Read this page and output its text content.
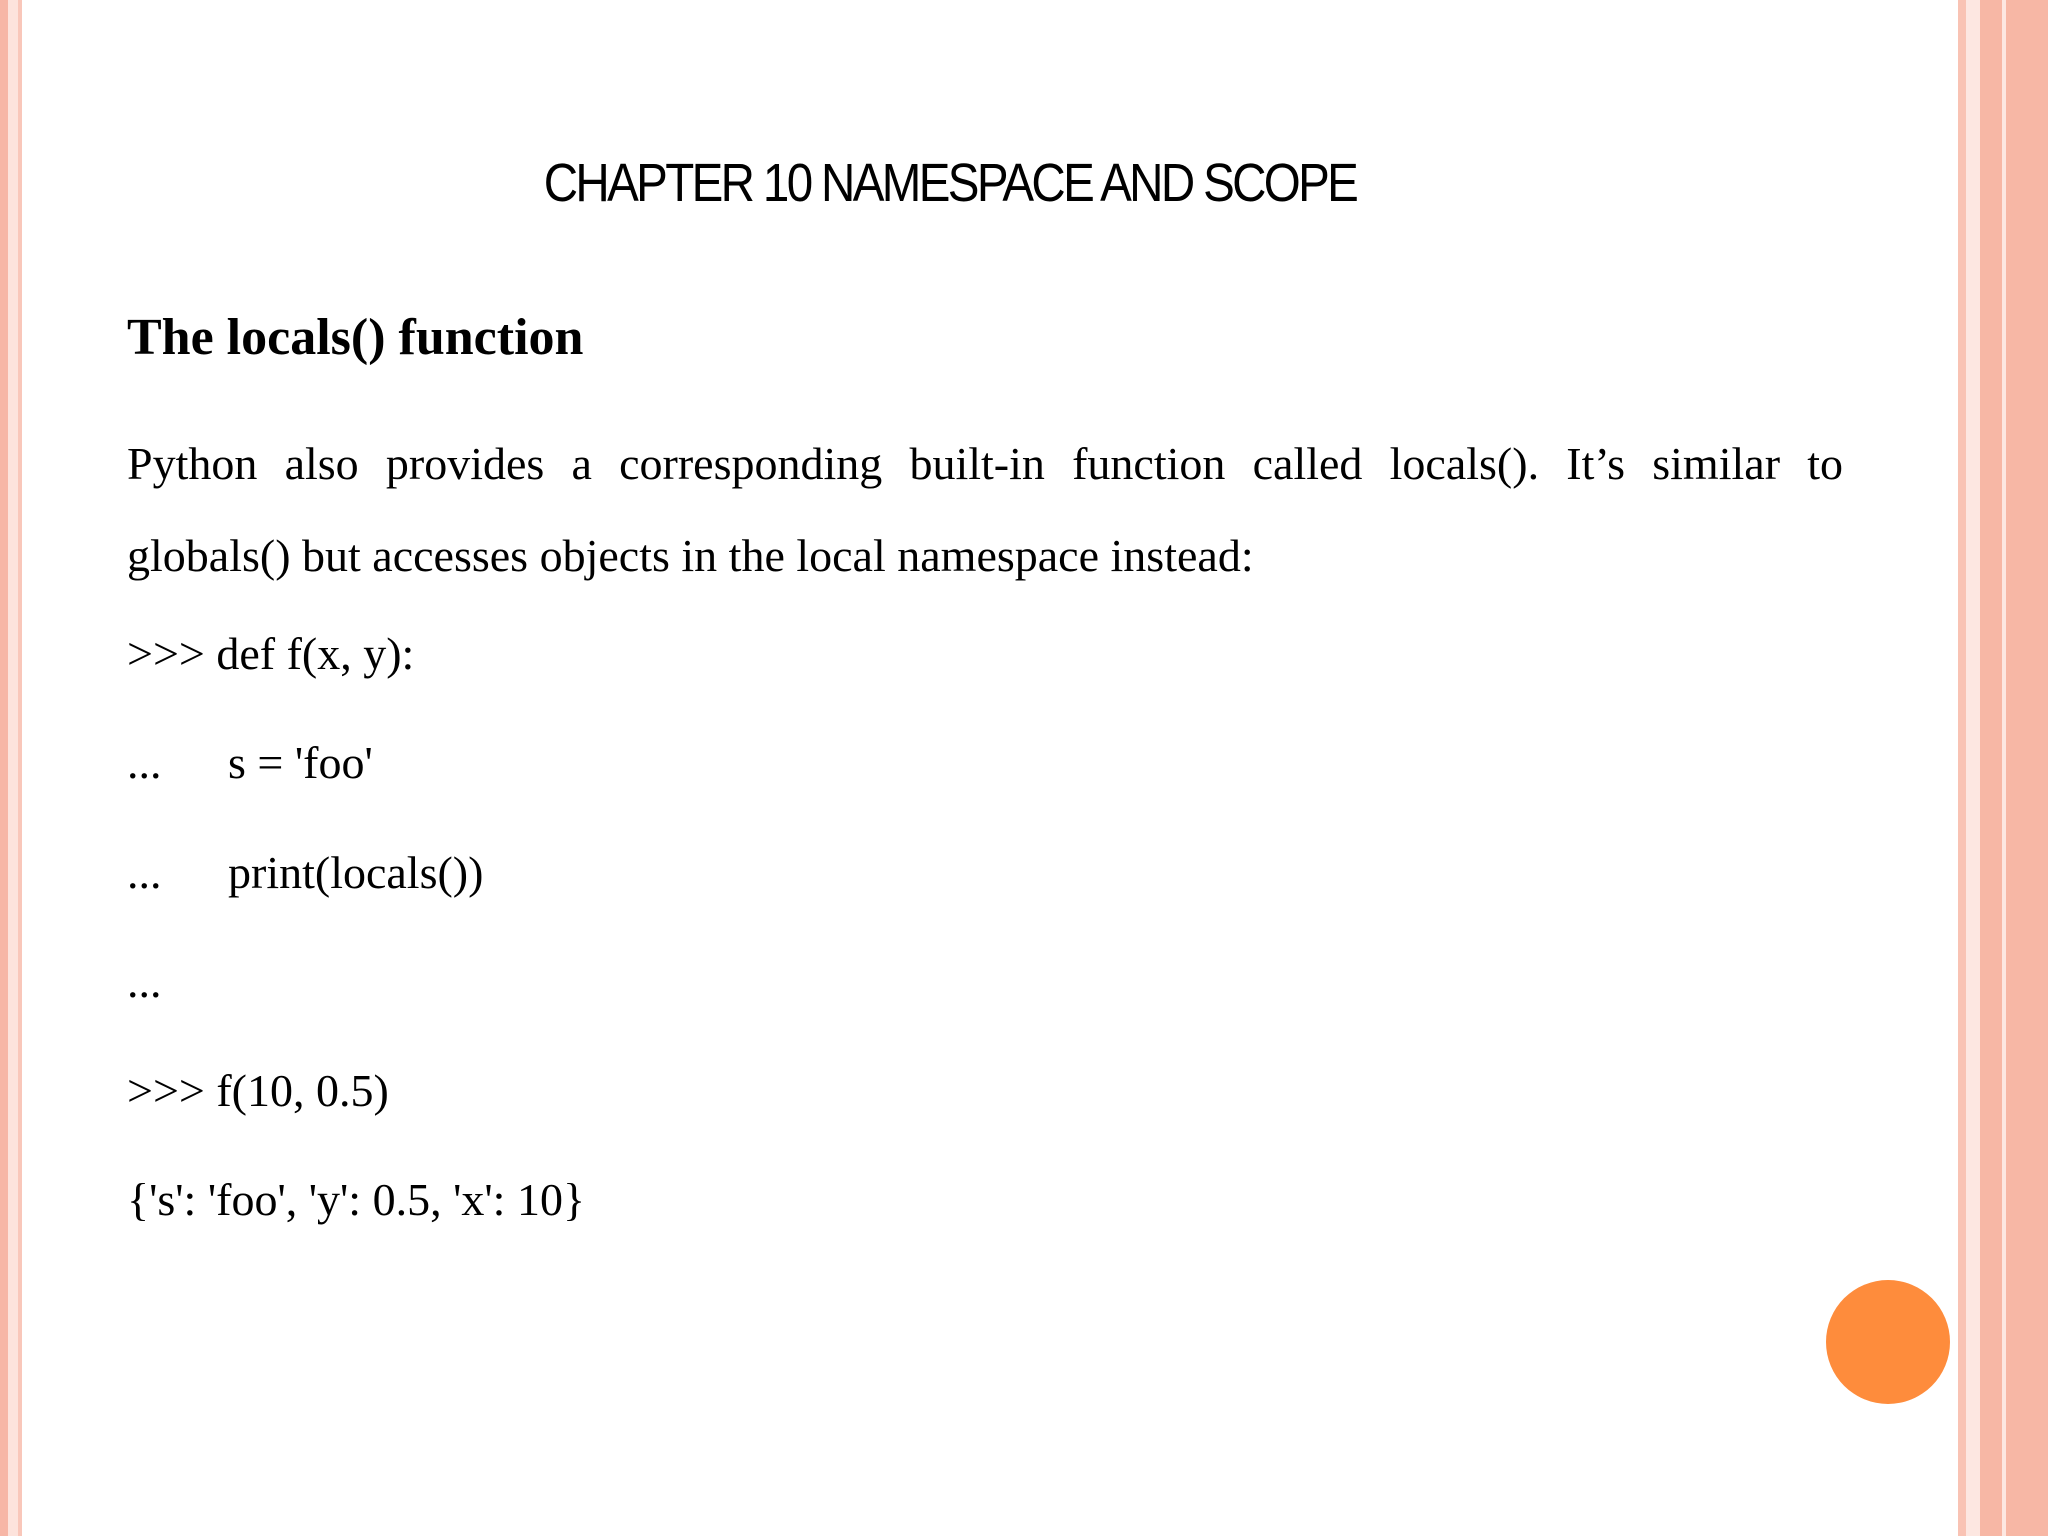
CHAPTER 10 NAMESPACE AND SCOPE
The locals() function
Python also provides a corresponding built-in function called locals(). It’s similar to globals() but accesses objects in the local namespace instead:
>>> def f(x, y):
... s = 'foo'
... print(locals())
...
>>> f(10, 0.5)
{'s': 'foo', 'y': 0.5, 'x': 10}
